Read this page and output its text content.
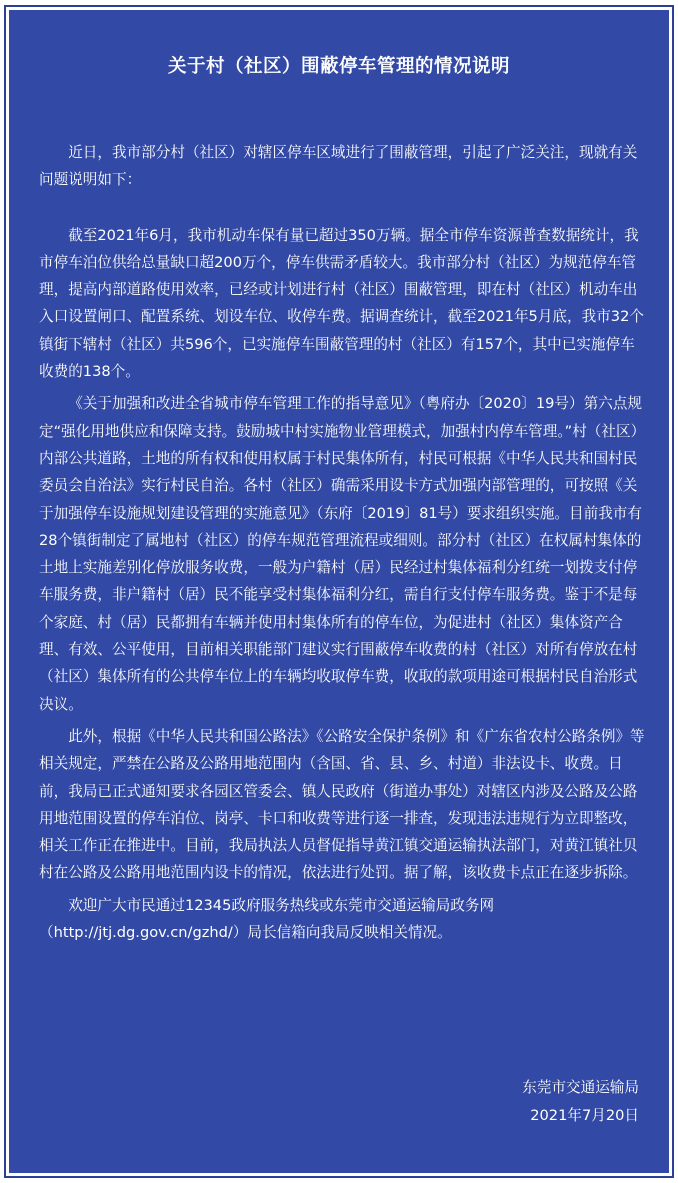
关于村（社区）围蔽停车管理的情况说明

近日，我市部分村（社区）对辖区停车区域进行了围蔽管理，引起了广泛关注，现就有关问题说明如下：

截至2021年6月，我市机动车保有量已超过350万辆。据全市停车资源普查数据统计，我市停车泊位供给总量缺口超200万个，停车供需矛盾较大。我市部分村（社区）为规范停车管理，提高内部道路使用效率，已经或计划进行村（社区）围蔽管理，即在村（社区）机动车出入口设置闸口、配置系统、划设车位、收停车费。据调查统计，截至2021年5月底，我市32个镇街下辖村（社区）共596个，已实施停车围蔽管理的村（社区）有157个，其中已实施停车收费的138个。

《关于加强和改进全省城市停车管理工作的指导意见》（粤府办〔2020〕19号）第六点规定“强化用地供应和保障支持。鼓励城中村实施物业管理模式，加强村内停车管理。”村（社区）内部公共道路，土地的所有权和使用权属于村民集体所有，村民可根据《中华人民共和国村民委员会自治法》实行村民自治。各村（社区）确需采用设卡方式加强内部管理的，可按照《关于加强停车设施规划建设管理的实施意见》（东府〔2019〕81号）要求组织实施。目前我市有28个镇街制定了属地村（社区）的停车规范管理流程或细则。部分村（社区）在权属村集体的土地上实施差别化停放服务收费，一般为户籍村（居）民经过村集体福利分红统一划拨支付停车服务费，非户籍村（居）民不能享受村集体福利分红，需自行支付停车服务费。鉴于不是每个家庭、村（居）民都拥有车辆并使用村集体所有的停车位，为促进村（社区）集体资产合理、有效、公平使用，目前相关职能部门建议实行围蔽停车收费的村（社区）对所有停放在村（社区）集体所有的公共停车位上的车辆均收取停车费，收取的款项用途可根据村民自治形式决议。

此外，根据《中华人民共和国公路法》《公路安全保护条例》和《广东省农村公路条例》等相关规定，严禁在公路及公路用地范围内（含国、省、县、乡、村道）非法设卡、收费。日前，我局已正式通知要求各园区管委会、镇人民政府（街道办事处）对辖区内涉及公路及公路用地范围设置的停车泊位、岗亭、卡口和收费等进行逐一排查，发现违法违规行为立即整改，相关工作正在推进中。目前，我局执法人员督促指导黄江镇交通运输执法部门，对黄江镇社贝村在公路及公路用地范围内设卡的情况，依法进行处罚。据了解，该收费卡点正在逐步拆除。

欢迎广大市民通过12345政府服务热线或东莞市交通运输局政务网

（http://jtj.dg.gov.cn/gzhd/）局长信箱向我局反映相关情况。

东莞市交通运输局
2021年7月20日
